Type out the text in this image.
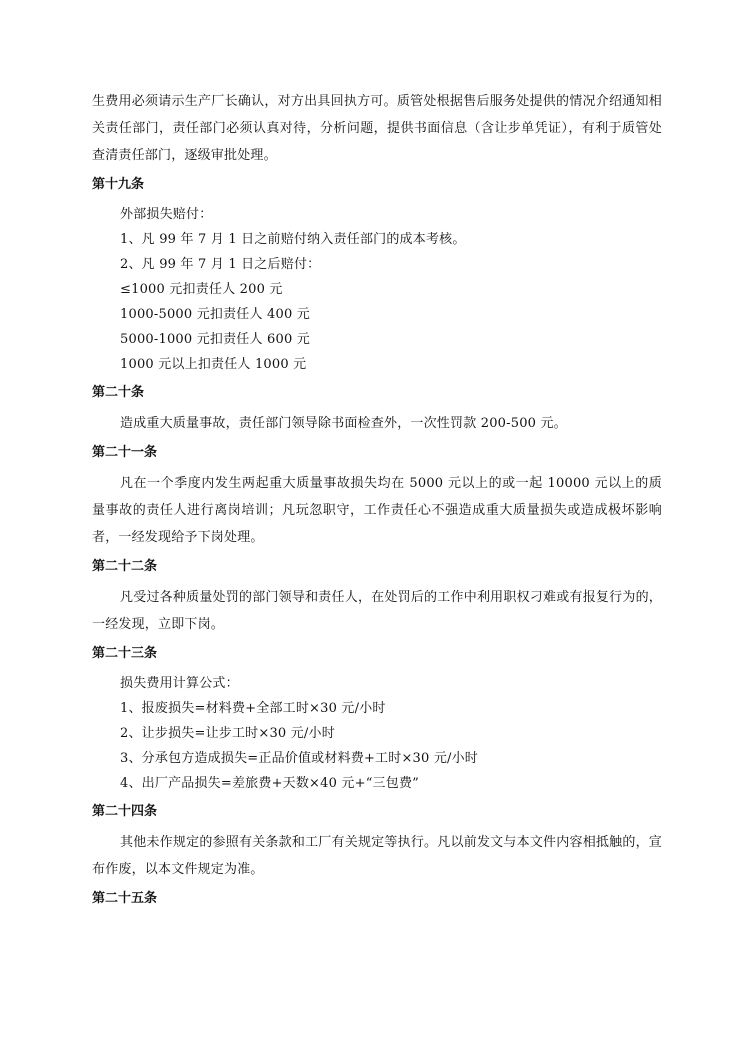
生费用必须请示生产厂长确认，对方出具回执方可。质管处根据售后服务处提供的情况介绍通知相关责任部门，责任部门必须认真对待，分析问题，提供书面信息（含让步单凭证），有利于质管处查清责任部门，逐级审批处理。

第十九条

外部损失赔付：

1、凡 99 年 7 月 1 日之前赔付纳入责任部门的成本考核。

2、凡 99 年 7 月 1 日之后赔付：

≤1000 元扣责任人 200 元

1000-5000 元扣责任人 400 元

5000-1000 元扣责任人 600 元

1000 元以上扣责任人 1000 元

第二十条

造成重大质量事故，责任部门领导除书面检查外，一次性罚款 200-500 元。

第二十一条

凡在一个季度内发生两起重大质量事故损失均在 5000 元以上的或一起 10000 元以上的质量事故的责任人进行离岗培训；凡玩忽职守，工作责任心不强造成重大质量损失或造成极坏影响者，一经发现给予下岗处理。

第二十二条

凡受过各种质量处罚的部门领导和责任人，在处罚后的工作中利用职权刁难或有报复行为的，一经发现，立即下岗。

第二十三条

损失费用计算公式：

1、报废损失=材料费+全部工时×30 元/小时

2、让步损失=让步工时×30 元/小时

3、分承包方造成损失=正品价值或材料费+工时×30 元/小时

4、出厂产品损失=差旅费+天数×40 元+“三包费”

第二十四条

其他未作规定的参照有关条款和工厂有关规定等执行。凡以前发文与本文件内容相抵触的，宣布作废，以本文件规定为准。

第二十五条
